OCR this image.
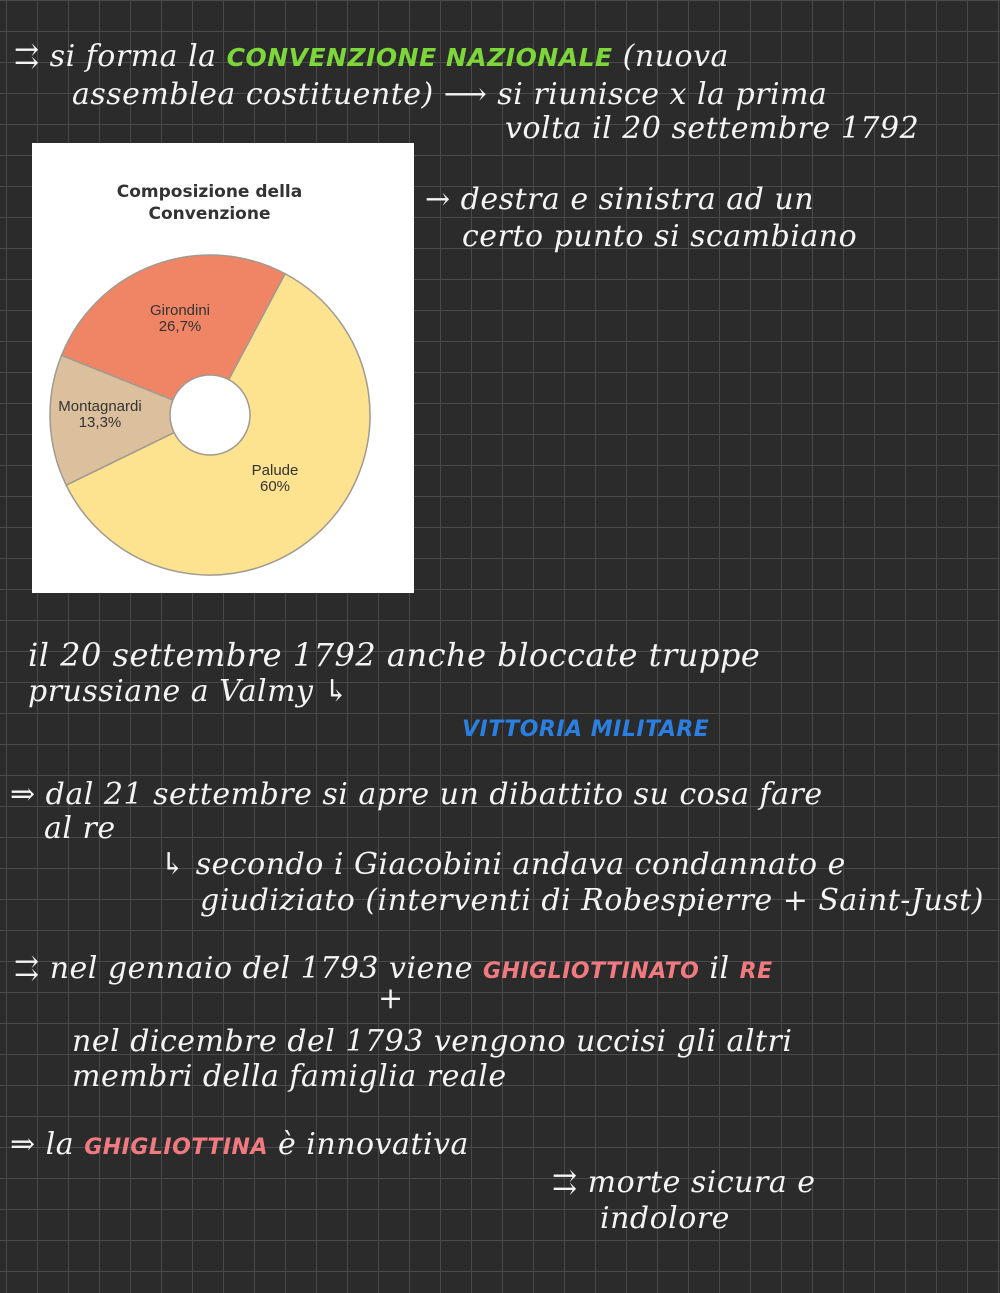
⇉ si forma la CONVENZIONE NAZIONALE (nuova
assemblea costituente) ⟶ si riunisce x la prima
volta il 20 settembre 1792
Composizione della
Convenzione
Girondini
26,7%
Montagnardi
13,3%
Palude
60%
→ destra e sinistra ad un
certo punto si scambiano
il 20 settembre 1792 anche bloccate truppe
prussiane a Valmy ↳
VITTORIA MILITARE
⇒ dal 21 settembre si apre un dibattito su cosa fare
al re
↳ secondo i Giacobini andava condannato e
giudiziato (interventi di Robespierre + Saint-Just)
⇉ nel gennaio del 1793 viene GHIGLIOTTINATO il RE
+
nel dicembre del 1793 vengono uccisi gli altri
membri della famiglia reale
⇒ la GHIGLIOTTINA è innovativa
⇉ morte sicura e
indolore
